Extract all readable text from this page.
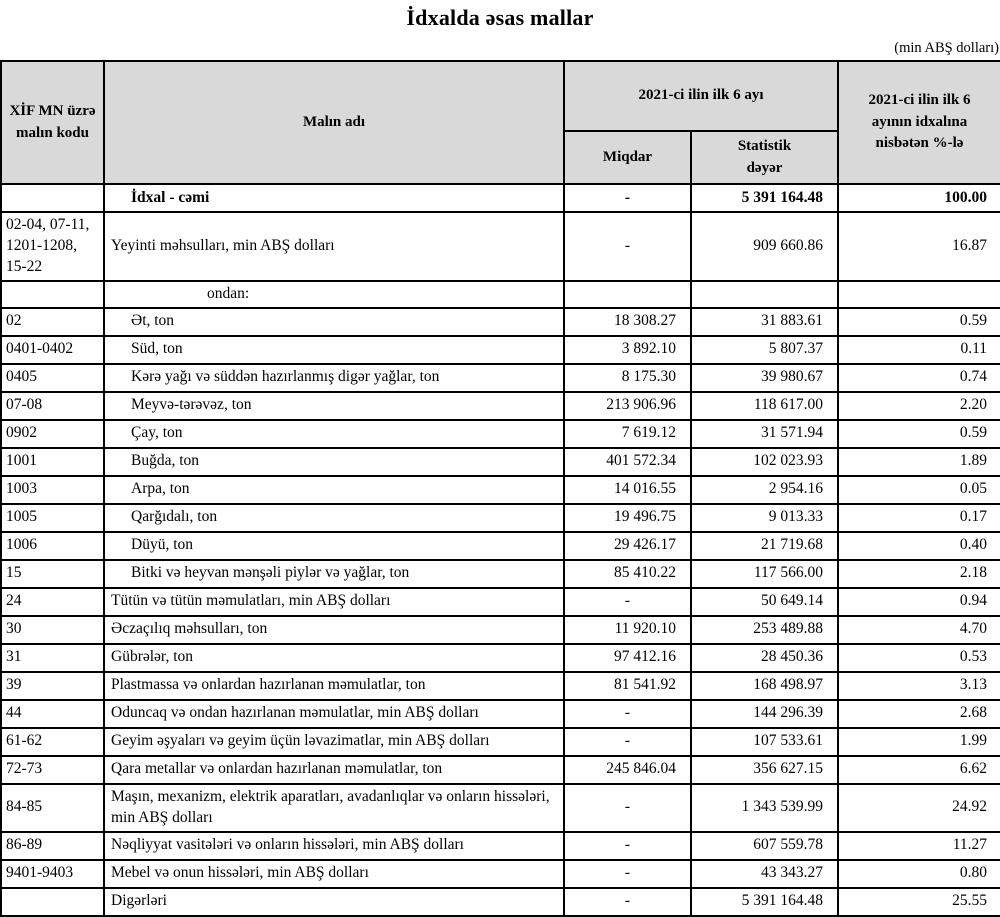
İdxalda əsas mallar
(min ABŞ dolları)
XİF MN üzrə malın kodu	Malın adı	2021-ci ilin ilk 6 ayı		2021-ci ilin ilk 6 ayının idxalına nisbətən %-lə
		Miqdar	Statistik dəyər	
	İdxal - cəmi	-	5 391 164.48	100.00
02-04, 07-11, 1201-1208, 15-22	Yeyinti məhsulları, min ABŞ dolları	-	909 660.86	16.87
	ondan:			
02	Ət, ton	18 308.27	31 883.61	0.59
0401-0402	Süd, ton	3 892.10	5 807.37	0.11
0405	Kərə yağı və süddən hazırlanmış digər yağlar, ton	8 175.30	39 980.67	0.74
07-08	Meyvə-tərəvəz, ton	213 906.96	118 617.00	2.20
0902	Çay, ton	7 619.12	31 571.94	0.59
1001	Buğda, ton	401 572.34	102 023.93	1.89
1003	Arpa, ton	14 016.55	2 954.16	0.05
1005	Qarğıdalı, ton	19 496.75	9 013.33	0.17
1006	Düyü, ton	29 426.17	21 719.68	0.40
15	Bitki və heyvan mənşəli piylər və yağlar, ton	85 410.22	117 566.00	2.18
24	Tütün və tütün məmulatları, min ABŞ dolları	-	50 649.14	0.94
30	Əczaçılıq məhsulları, ton	11 920.10	253 489.88	4.70
31	Gübrələr, ton	97 412.16	28 450.36	0.53
39	Plastmassa və onlardan hazırlanan məmulatlar, ton	81 541.92	168 498.97	3.13
44	Oduncaq və ondan hazırlanan məmulatlar, min ABŞ dolları	-	144 296.39	2.68
61-62	Geyim əşyaları və geyim üçün ləvazimatlar, min ABŞ dolları	-	107 533.61	1.99
72-73	Qara metallar və onlardan hazırlanan məmulatlar, ton	245 846.04	356 627.15	6.62
84-85	Maşın, mexanizm, elektrik aparatları, avadanlıqlar və onların hissələri, min ABŞ dolları	-	1 343 539.99	24.92
86-89	Nəqliyyat vasitələri və onların hissələri, min ABŞ dolları	-	607 559.78	11.27
9401-9403	Mebel və onun hissələri, min ABŞ dolları	-	43 343.27	0.80
	Digərləri	-	5 391 164.48	25.55
